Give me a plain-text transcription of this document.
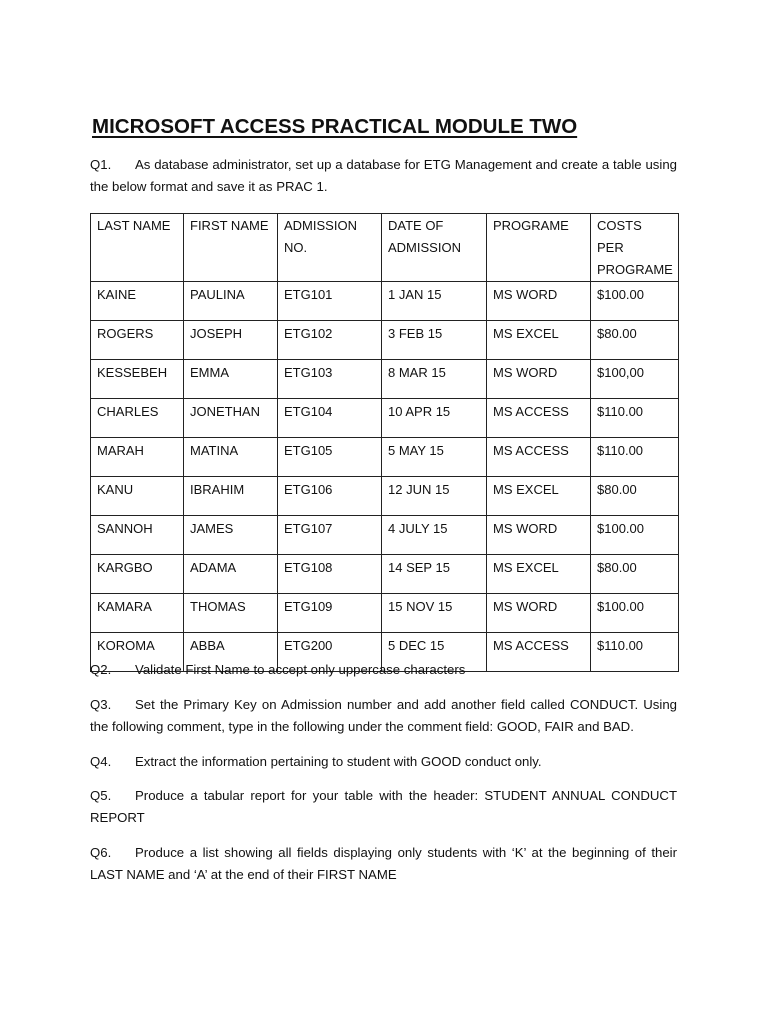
MICROSOFT ACCESS PRACTICAL MODULE TWO

Q1. As database administrator, set up a database for ETG Management and create a table using the below format and save it as PRAC 1.

LAST NAME	FIRST NAME	ADMISSION NO.	DATE OF ADMISSION	PROGRAME	COSTS PER PROGRAME
KAINE	PAULINA	ETG101	1 JAN 15	MS WORD	$100.00
ROGERS	JOSEPH	ETG102	3 FEB 15	MS EXCEL	$80.00
KESSEBEH	EMMA	ETG103	8 MAR 15	MS WORD	$100,00
CHARLES	JONETHAN	ETG104	10 APR 15	MS ACCESS	$110.00
MARAH	MATINA	ETG105	5 MAY 15	MS ACCESS	$110.00
KANU	IBRAHIM	ETG106	12 JUN 15	MS EXCEL	$80.00
SANNOH	JAMES	ETG107	4 JULY 15	MS WORD	$100.00
KARGBO	ADAMA	ETG108	14 SEP 15	MS EXCEL	$80.00
KAMARA	THOMAS	ETG109	15 NOV 15	MS WORD	$100.00
KOROMA	ABBA	ETG200	5 DEC 15	MS ACCESS	$110.00

Q2. Validate First Name to accept only uppercase characters

Q3. Set the Primary Key on Admission number and add another field called CONDUCT. Using the following comment, type in the following under the comment field: GOOD, FAIR and BAD.

Q4. Extract the information pertaining to student with GOOD conduct only.

Q5. Produce a tabular report for your table with the header: STUDENT ANNUAL CONDUCT REPORT

Q6. Produce a list showing all fields displaying only students with ‘K’ at the beginning of their LAST NAME and ‘A’ at the end of their FIRST NAME
